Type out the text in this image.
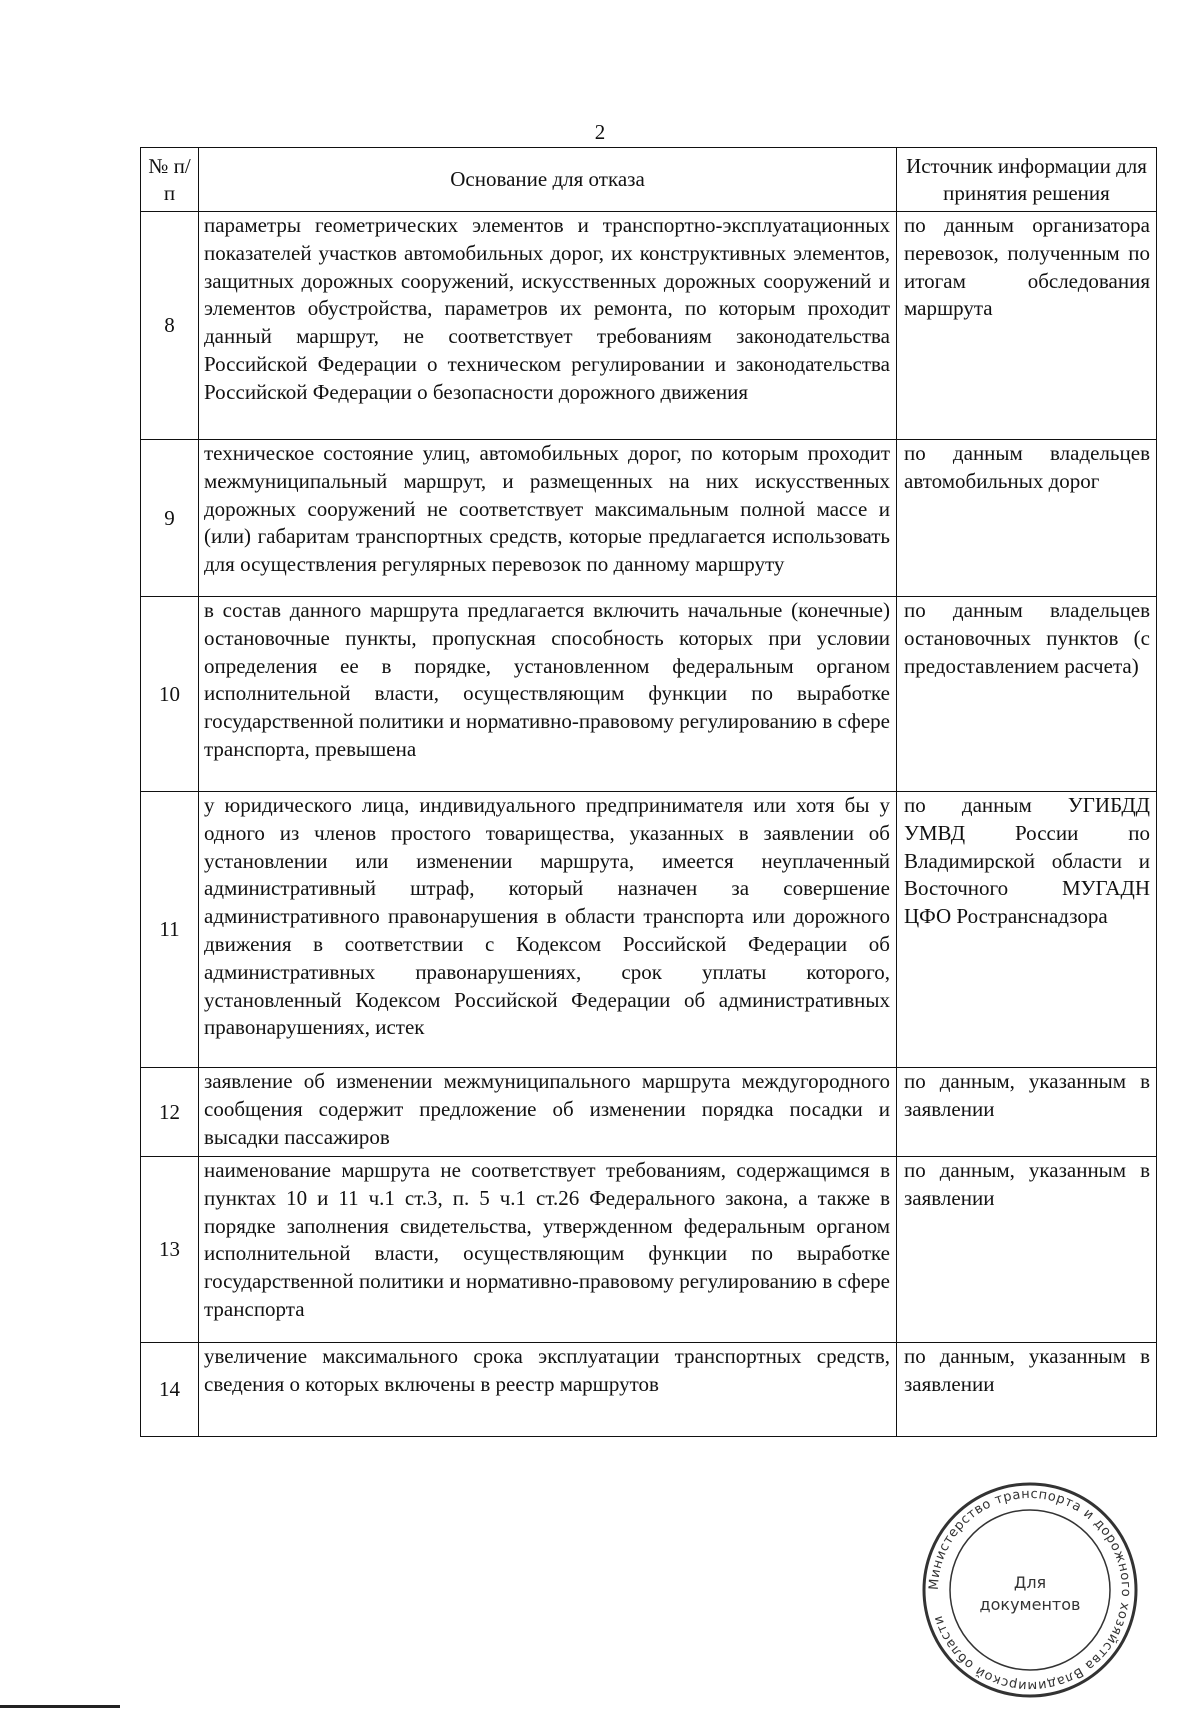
2
№ п/п	Основание для отказа	Источник информации для принятия решения

8	параметры геометрических элементов и транспортно-эксплуатационных показателей участков автомобильных дорог, их конструктивных элементов, защитных дорожных сооружений, искусственных дорожных сооружений и элементов обустройства, параметров их ремонта, по которым проходит данный маршрут, не соответствует требованиям законодательства Российской Федерации о техническом регулировании и законодательства Российской Федерации о безопасности дорожного движения	по данным организатора перевозок, полученным по итогам обследования маршрута

9	техническое состояние улиц, автомобильных дорог, по которым проходит межмуниципальный маршрут, и размещенных на них искусственных дорожных сооружений не соответствует максимальным полной массе и (или) габаритам транспортных средств, которые предлагается использовать для осуществления регулярных перевозок по данному маршруту	по данным владельцев автомобильных дорог

10	в состав данного маршрута предлагается включить начальные (конечные) остановочные пункты, пропускная способность которых при условии определения ее в порядке, установленном федеральным органом исполнительной власти, осуществляющим функции по выработке государственной политики и нормативно-правовому регулированию в сфере транспорта, превышена	по данным владельцев остановочных пунктов (с предоставлением расчета)

11	у юридического лица, индивидуального предпринимателя или хотя бы у одного из членов простого товарищества, указанных в заявлении об установлении или изменении маршрута, имеется неуплаченный административный штраф, который назначен за совершение административного правонарушения в области транспорта или дорожного движения в соответствии с Кодексом Российской Федерации об административных правонарушениях, срок уплаты которого, установленный Кодексом Российской Федерации об административных правонарушениях, истек	по данным УГИБДД УМВД России по Владимирской области и Восточного МУГАДН ЦФО Ространснадзора

12	заявление об изменении межмуниципального маршрута междугородного сообщения содержит предложение об изменении порядка посадки и высадки пассажиров	по данным, указанным в заявлении

13	наименование маршрута не соответствует требованиям, содержащимся в пунктах 10 и 11 ч.1 ст.3, п. 5 ч.1 ст.26 Федерального закона, а также в порядке заполнения свидетельства, утвержденном федеральным органом исполнительной власти, осуществляющим функции по выработке государственной политики и нормативно-правовому регулированию в сфере транспорта	по данным, указанным в заявлении

14	увеличение максимального срока эксплуатации транспортных средств, сведения о которых включены в реестр маршрутов	по данным, указанным в заявлении
Министерство транспорта и дорожного хозяйства Владимирской области
Для
документов
